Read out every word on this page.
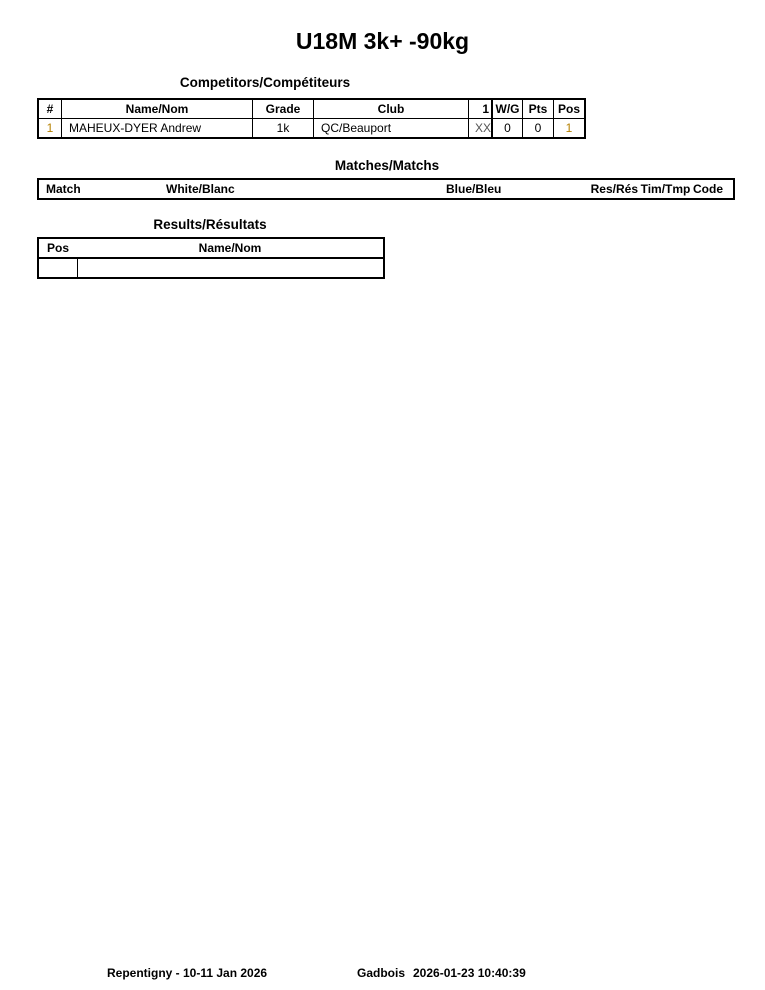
U18M 3k+ -90kg
Competitors/Compétiteurs
#	Name/Nom	Grade	Club	1	W/G	Pts	Pos
1	MAHEUX-DYER Andrew	1k	QC/Beauport	XX	0	0	1
Matches/Matchs
Match	White/Blanc	Blue/Bleu	Res/Rés	Tim/Tmp	Code
Results/Résultats
Pos	Name/Nom

Repentigny - 10-11 Jan 2026	Gadbois 2026-01-23 10:40:39
